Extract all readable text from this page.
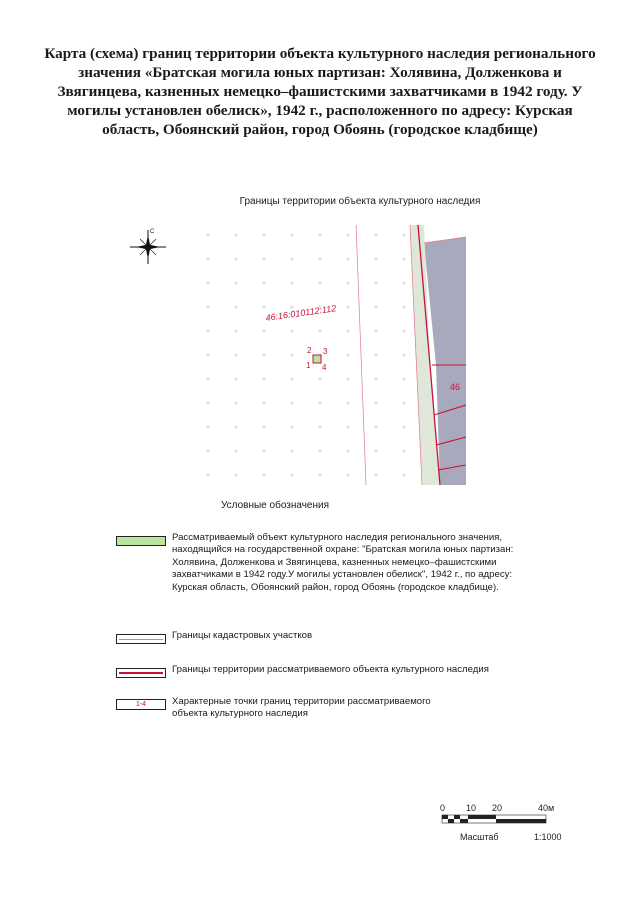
Карта (схема) границ территории объекта культурного наследия регионального значения «Братская могила юных партизан: Холявина, Долженкова и Звягинцева, казненных немецко–фашистскими захватчиками в 1942 году. У могилы установлен обелиск», 1942 г., расположенного по адресу: Курская область, Обоянский район, город Обоянь (городское кладбище)
Границы территории объекта культурного наследия
С
46:16:010112:112
46
2 3
1 4
Условные обозначения
Рассматриваемый объект культурного наследия регионального значения, находящийся на государственной охране: "Братская могила юных партизан: Холявина, Долженкова и Звягинцева, казненных немецко–фашистскими захватчиками в 1942 году.У могилы установлен обелиск", 1942 г., по адресу: Курская область, Обоянский район, город Обоянь (городское кладбище).
Границы кадастровых участков
Границы территории рассматриваемого объекта культурного наследия
1-4	Характерные точки границ территории рассматриваемого объекта культурного наследия
0 10 20	40м
Масштаб	1:1000
